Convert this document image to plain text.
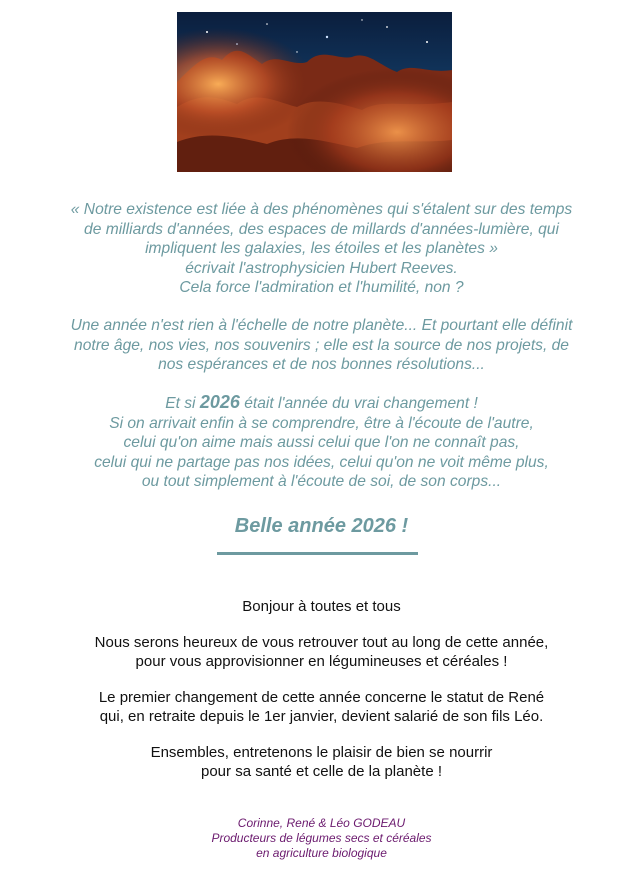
« Notre existence est liée à des phénomènes qui s'étalent sur des temps

de milliards d'années, des espaces de millards d'années-lumière, qui

impliquent les galaxies, les étoiles et les planètes »

écrivait l'astrophysicien Hubert Reeves.

Cela force l'admiration et l'humilité, non ?

Une année n'est rien à l'échelle de notre planète... Et pourtant elle définit

notre âge, nos vies, nos souvenirs ; elle est la source de nos projets, de

nos espérances et de nos bonnes résolutions...

Et si 2026 était l'année du vrai changement !

Si on arrivait enfin à se comprendre, être à l'écoute de l'autre,

celui qu'on aime mais aussi celui que l'on ne connaît pas,

celui qui ne partage pas nos idées, celui qu'on ne voit même plus,

ou tout simplement à l'écoute de soi, de son corps...

Belle année 2026 !

Bonjour à toutes et tous

Nous serons heureux de vous retrouver tout au long de cette année,

pour vous approvisionner en légumineuses et céréales !

Le premier changement de cette année concerne le statut de René

qui, en retraite depuis le 1er janvier, devient salarié de son fils Léo.

Ensembles, entretenons le plaisir de bien se nourrir

pour sa santé et celle de la planète !

Corinne, René & Léo GODEAU

Producteurs de légumes secs et céréales

en agriculture biologique
